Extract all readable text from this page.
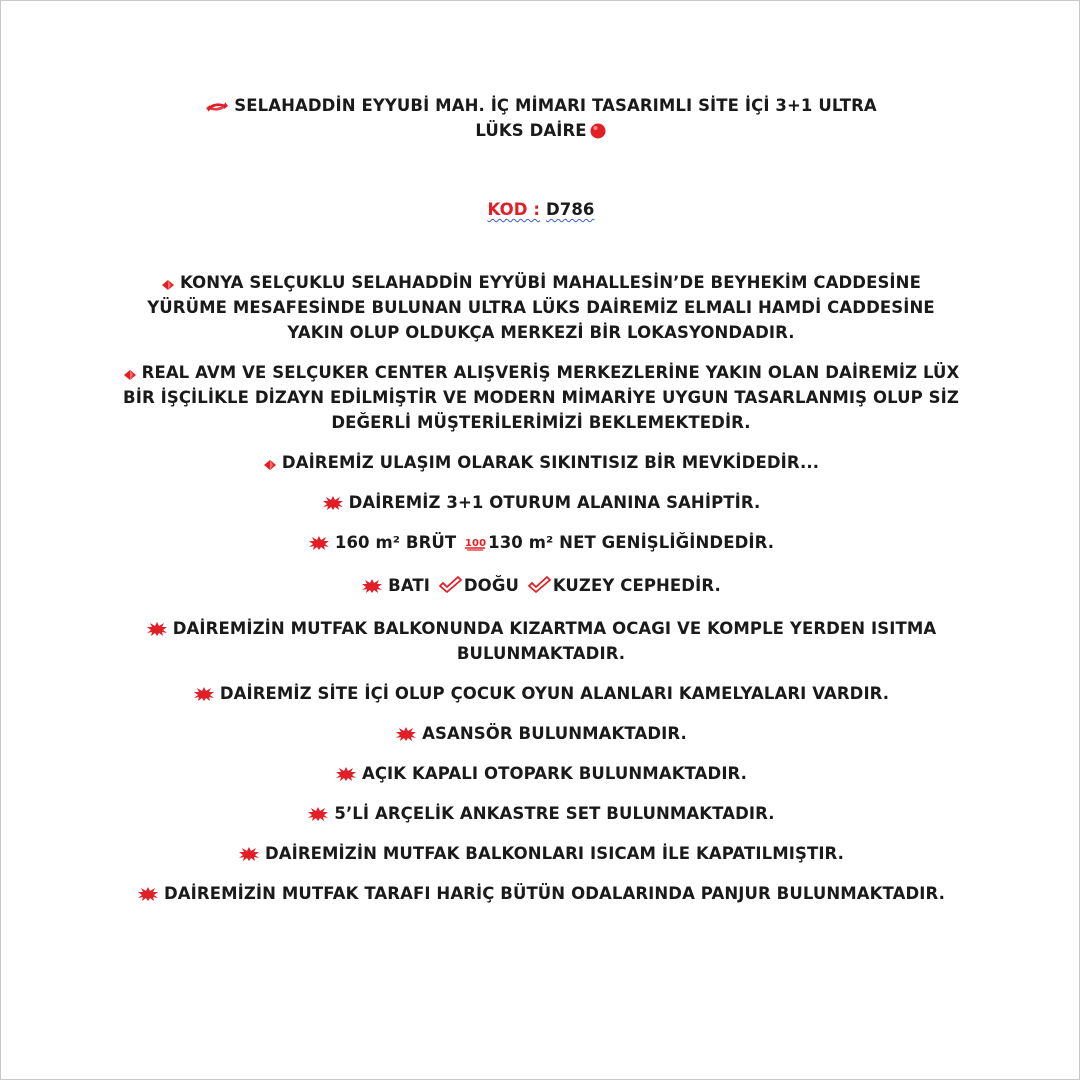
SELAHADDİN EYYUBİ MAH. İÇ MİMARI TASARIMLI SİTE İÇİ 3+1 ULTRA
LÜKS DAİRE
KOD : D786
KONYA SELÇUKLU SELAHADDİN EYYÜBİ MAHALLESİN’DE BEYHEKİM CADDESİNE YÜRÜME MESAFESİNDE BULUNAN ULTRA LÜKS DAİREMİZ ELMALI HAMDİ CADDESİNE YAKIN OLUP OLDUKÇA MERKEZİ BİR LOKASYONDADIR.
REAL AVM VE SELÇUKER CENTER ALIŞVERİŞ MERKEZLERİNE YAKIN OLAN DAİREMİZ LÜX BİR İŞÇİLİKLE DİZAYN EDİLMİŞTİR VE MODERN MİMARİYE UYGUN TASARLANMIŞ OLUP SİZ DEĞERLİ MÜŞTERİLERİMİZİ BEKLEMEKTEDİR.
DAİREMİZ ULAŞIM OLARAK SIKINTISIZ BİR MEVKİDEDİR...
DAİREMİZ 3+1 OTURUM ALANINA SAHİPTİR.
160 m² BRÜT 100 130 m² NET GENİŞLİĞİNDEDİR.
BATI DOĞU KUZEY CEPHEDİR.
DAİREMİZİN MUTFAK BALKONUNDA KIZARTMA OCAGI VE KOMPLE YERDEN ISITMA BULUNMAKTADIR.
DAİREMİZ SİTE İÇİ OLUP ÇOCUK OYUN ALANLARI KAMELYALARI VARDIR.
ASANSÖR BULUNMAKTADIR.
AÇIK KAPALI OTOPARK BULUNMAKTADIR.
5’Lİ ARÇELİK ANKASTRE SET BULUNMAKTADIR.
DAİREMİZİN MUTFAK BALKONLARI ISICAM İLE KAPATILMIŞTIR.
DAİREMİZİN MUTFAK TARAFI HARİÇ BÜTÜN ODALARINDA PANJUR BULUNMAKTADIR.
